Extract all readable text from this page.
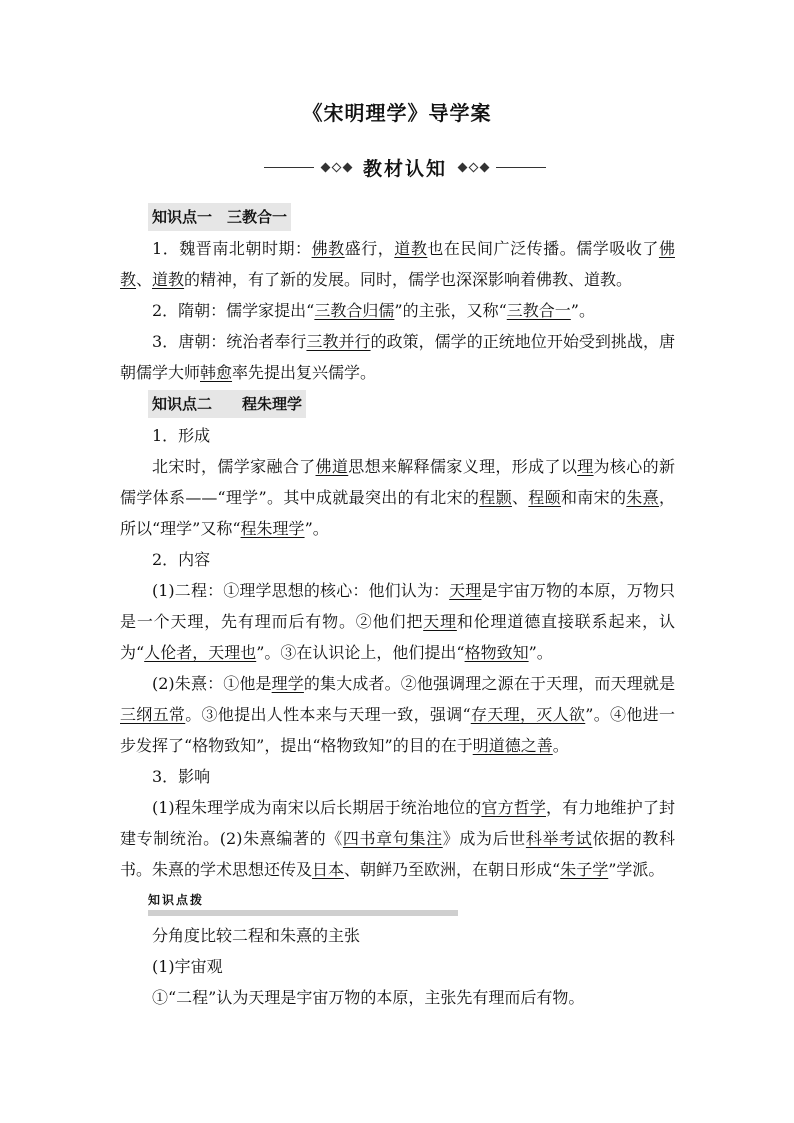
《宋明理学》导学案
教材认知
知识点一　三教合一

1．魏晋南北朝时期：佛教盛行，道教也在民间广泛传播。儒学吸收了佛教、道教的精神，有了新的发展。同时，儒学也深深影响着佛教、道教。

2．隋朝：儒学家提出“三教合归儒”的主张，又称“三教合一”。

3．唐朝：统治者奉行三教并行的政策，儒学的正统地位开始受到挑战，唐朝儒学大师韩愈率先提出复兴儒学。

知识点二　　程朱理学

1．形成

北宋时，儒学家融合了佛道思想来解释儒家义理，形成了以理为核心的新儒学体系——“理学”。其中成就最突出的有北宋的程颢、程颐和南宋的朱熹，所以“理学”又称“程朱理学”。

2．内容

(1)二程：①理学思想的核心：他们认为：天理是宇宙万物的本原，万物只是一个天理，先有理而后有物。②他们把天理和伦理道德直接联系起来，认为“人伦者，天理也”。③在认识论上，他们提出“格物致知”。

(2)朱熹：①他是理学的集大成者。②他强调理之源在于天理，而天理就是三纲五常。③他提出人性本来与天理一致，强调“存天理，灭人欲”。④他进一步发挥了“格物致知”，提出“格物致知”的目的在于明道德之善。

3．影响

(1)程朱理学成为南宋以后长期居于统治地位的官方哲学，有力地维护了封建专制统治。(2)朱熹编著的《四书章句集注》成为后世科举考试依据的教科书。朱熹的学术思想还传及日本、朝鲜乃至欧洲，在朝日形成“朱子学”学派。

知识点拨

分角度比较二程和朱熹的主张

(1)宇宙观

①“二程”认为天理是宇宙万物的本原，主张先有理而后有物。
